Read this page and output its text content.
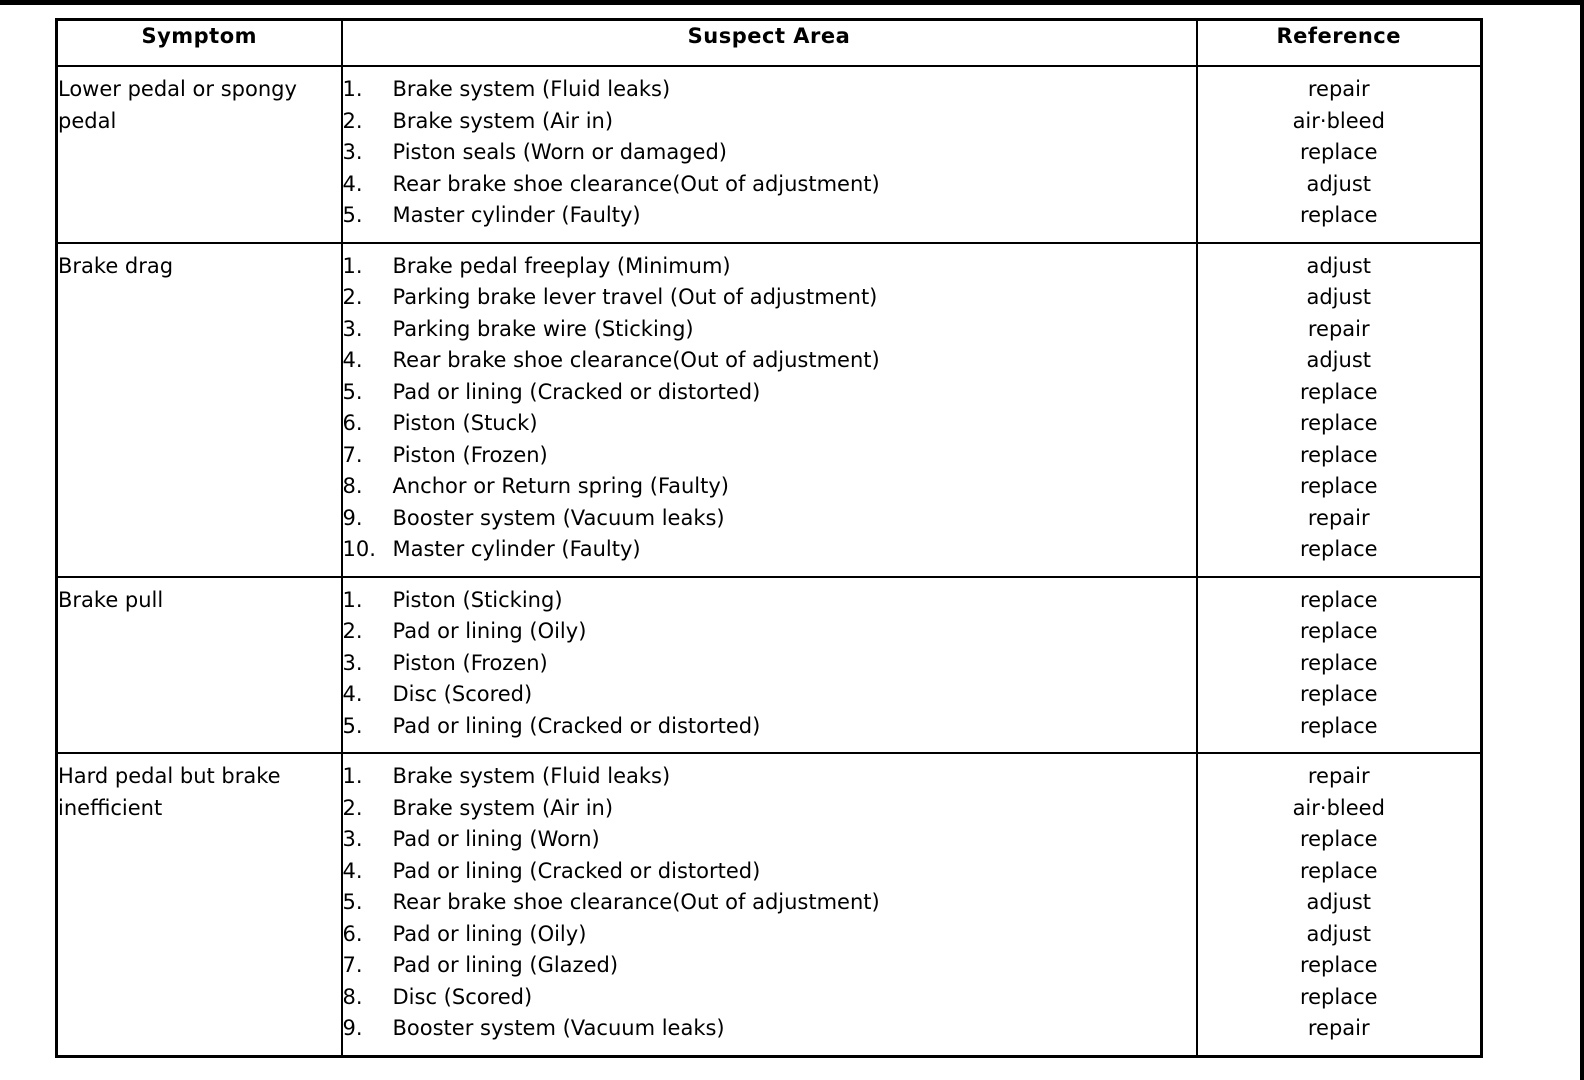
Symptom	Suspect Area	Reference
Lower pedal or spongy pedal	1. Brake system (Fluid leaks)	repair
	2. Brake system (Air in)	air·bleed
	3. Piston seals (Worn or damaged)	replace
	4. Rear brake shoe clearance(Out of adjustment)	adjust
	5. Master cylinder (Faulty)	replace
Brake drag	1. Brake pedal freeplay (Minimum)	adjust
	2. Parking brake lever travel (Out of adjustment)	adjust
	3. Parking brake wire (Sticking)	repair
	4. Rear brake shoe clearance(Out of adjustment)	adjust
	5. Pad or lining (Cracked or distorted)	replace
	6. Piston (Stuck)	replace
	7. Piston (Frozen)	replace
	8. Anchor or Return spring (Faulty)	replace
	9. Booster system (Vacuum leaks)	repair
	10. Master cylinder (Faulty)	replace
Brake pull	1. Piston (Sticking)	replace
	2. Pad or lining (Oily)	replace
	3. Piston (Frozen)	replace
	4. Disc (Scored)	replace
	5. Pad or lining (Cracked or distorted)	replace
Hard pedal but brake inefficient	1. Brake system (Fluid leaks)	repair
	2. Brake system (Air in)	air·bleed
	3. Pad or lining (Worn)	replace
	4. Pad or lining (Cracked or distorted)	replace
	5. Rear brake shoe clearance(Out of adjustment)	adjust
	6. Pad or lining (Oily)	adjust
	7. Pad or lining (Glazed)	replace
	8. Disc (Scored)	replace
	9. Booster system (Vacuum leaks)	repair
